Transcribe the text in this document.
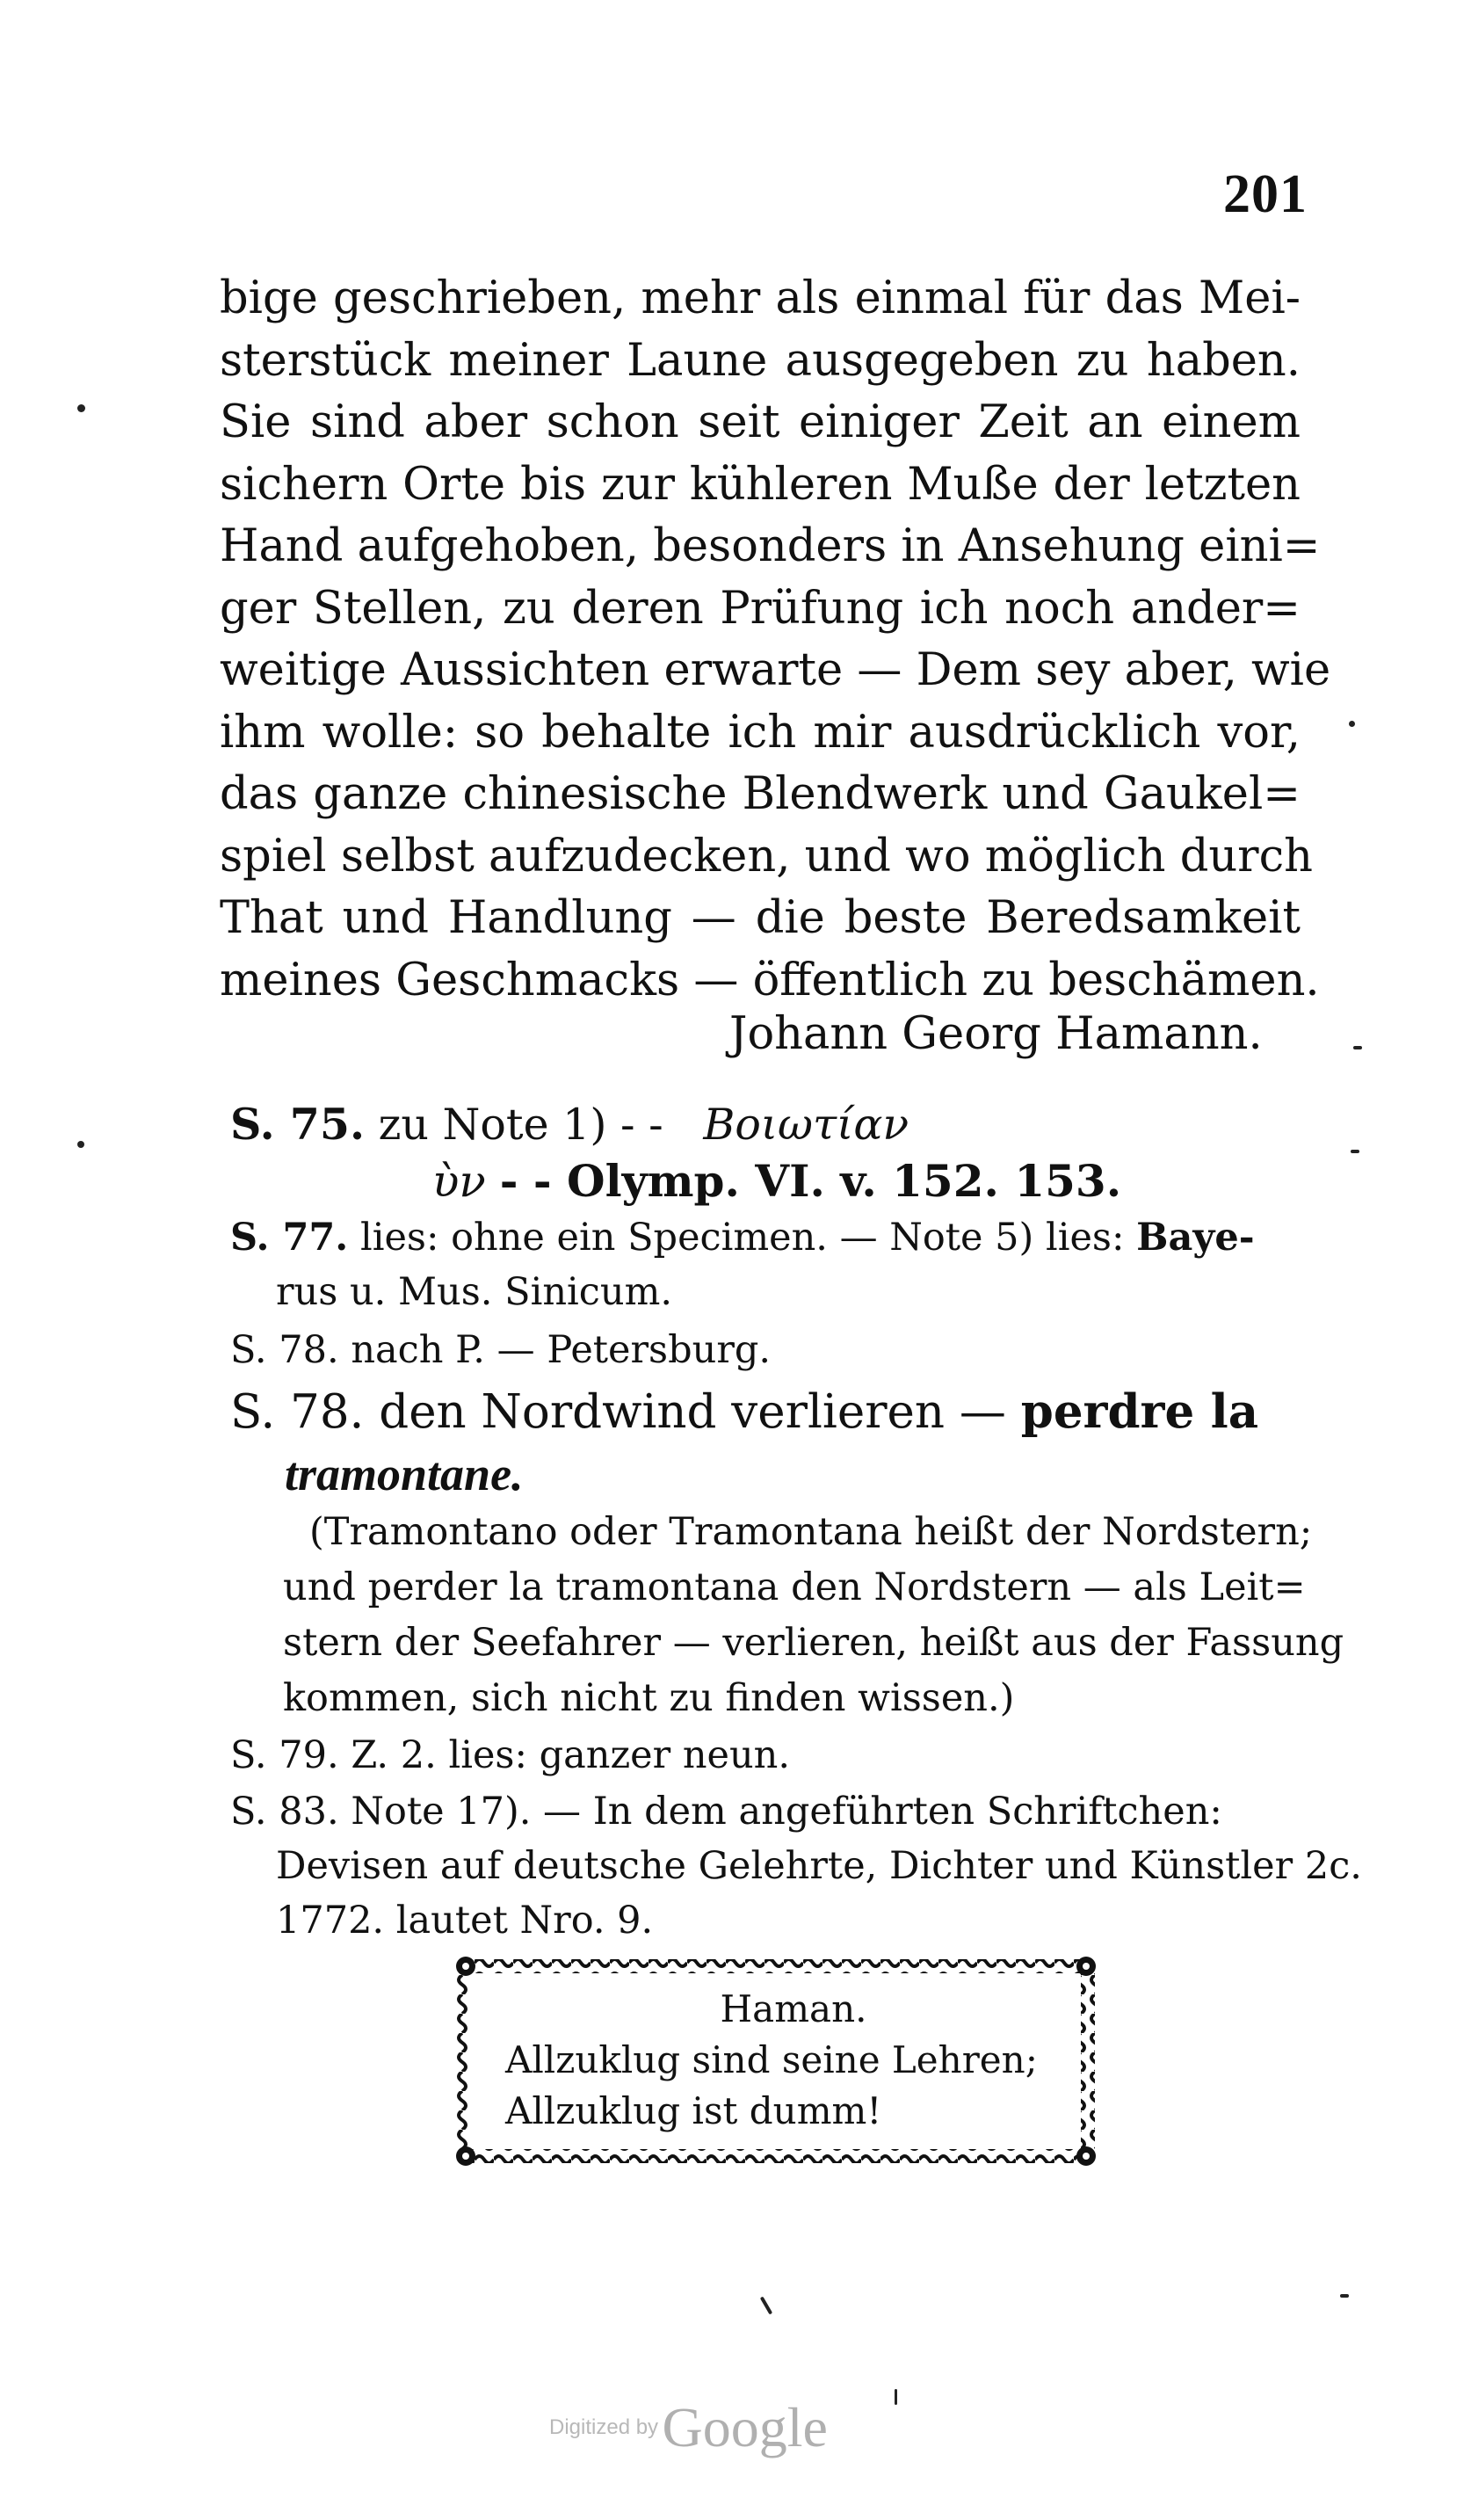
201
bige geschrieben, mehr als einmal für das Mei-
sterstück meiner Laune ausgegeben zu haben.
Sie sind aber schon seit einiger Zeit an einem
sichern Orte bis zur kühleren Muße der letzten
Hand aufgehoben, besonders in Ansehung eini=
ger Stellen, zu deren Prüfung ich noch ander=
weitige Aussichten erwarte — Dem sey aber, wie
ihm wolle: so behalte ich mir ausdrücklich vor,
das ganze chinesische Blendwerk und Gaukel=
spiel selbst aufzudecken, und wo möglich durch
That und Handlung — die beste Beredsamkeit
meines Geschmacks — öffentlich zu beschämen.
Johann Georg Hamann.
S. 75. zu Note 1) - - Βοιωτίαν
ὺν - - Olymp. VI. v. 152. 153.
S. 77. lies: ohne ein Specimen. — Note 5) lies: Baye-
rus u. Mus. Sinicum.
S. 78. nach P. — Petersburg.
S. 78. den Nordwind verlieren — perdre la
tramontane.
(Tramontano oder Tramontana heißt der Nordstern;
und perder la tramontana den Nordstern — als Leit=
stern der Seefahrer — verlieren, heißt aus der Fassung
kommen, sich nicht zu finden wissen.)
S. 79. Z. 2. lies: ganzer neun.
S. 83. Note 17). — In dem angeführten Schriftchen:
Devisen auf deutsche Gelehrte, Dichter und Künstler 2c.
1772. lautet Nro. 9.
Haman.
Allzuklug sind seine Lehren;
Allzuklug ist dumm!
Digitized by Google
